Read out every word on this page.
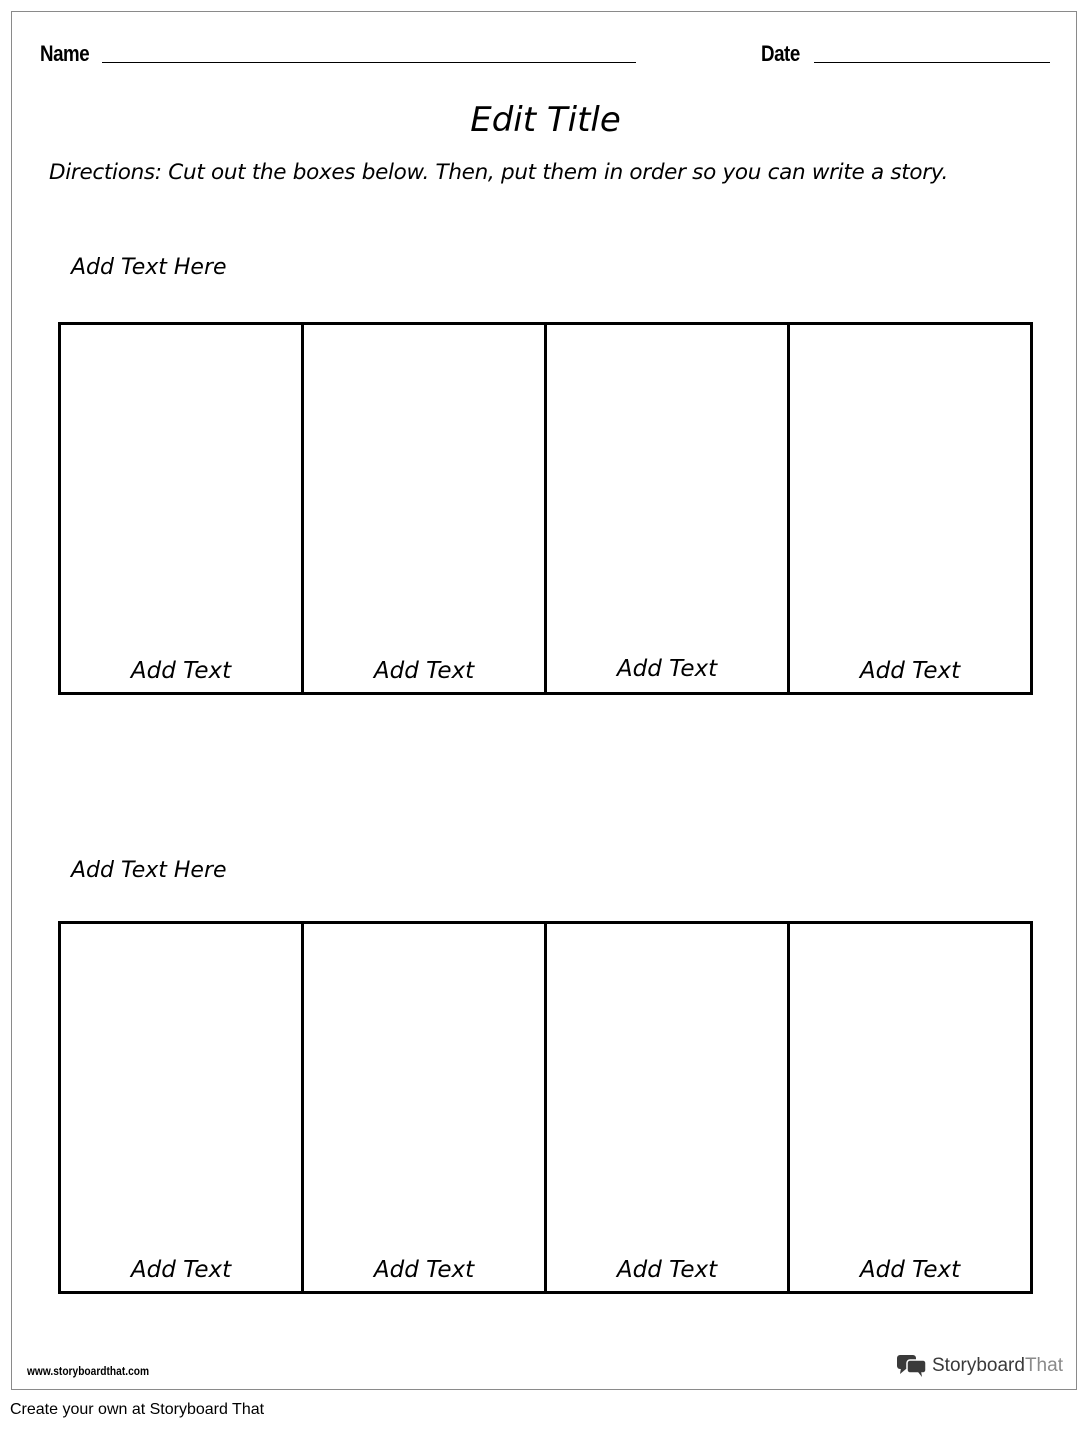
Name	Date
Edit Title
Directions: Cut out the boxes below. Then, put them in order so you can write a story.
Add Text Here
Add Text	Add Text	Add Text	Add Text
Add Text Here
Add Text	Add Text	Add Text	Add Text
www.storyboardthat.com	StoryboardThat
Create your own at Storyboard That
